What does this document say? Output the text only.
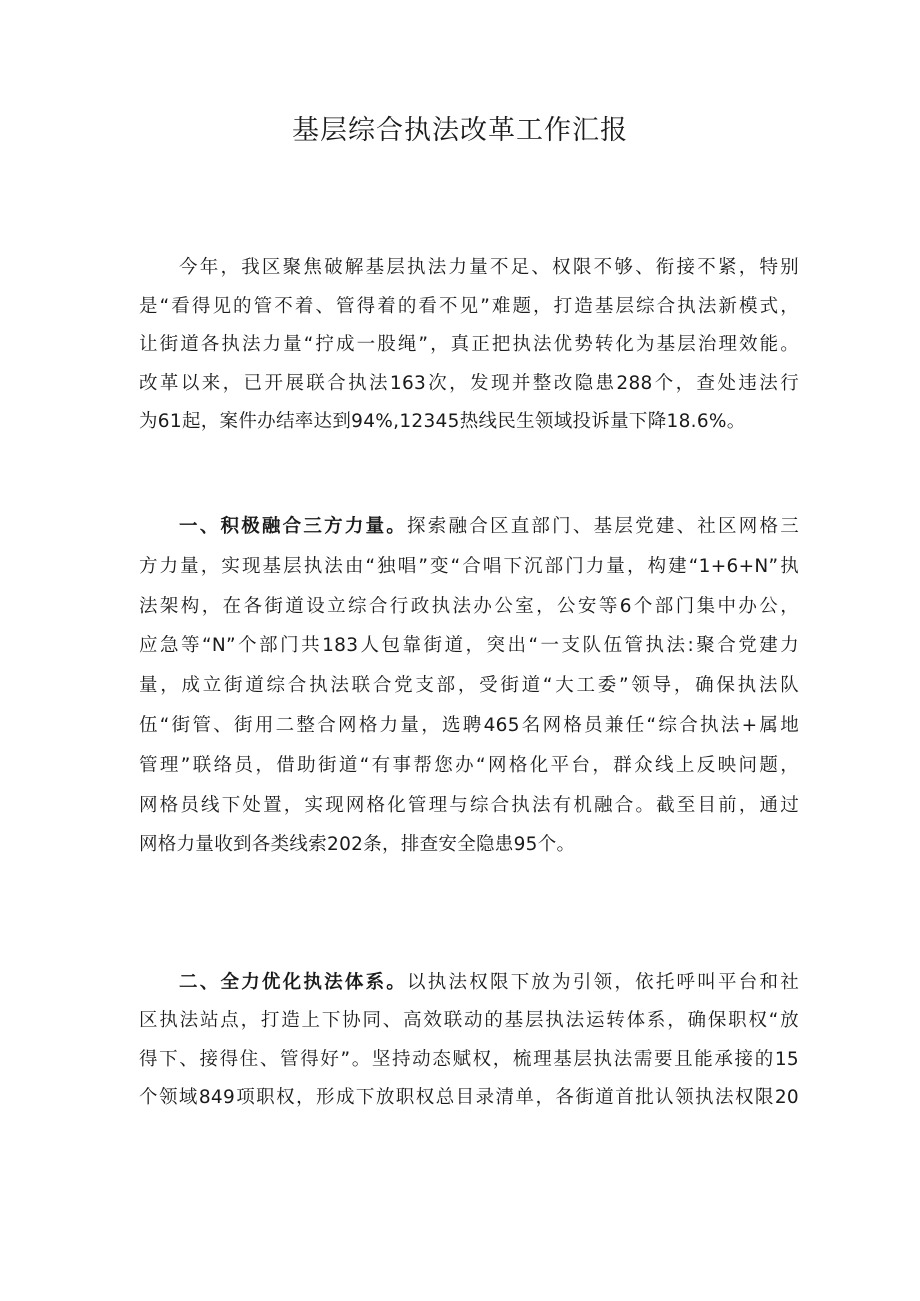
基层综合执法改革工作汇报
今年，我区聚焦破解基层执法力量不足、权限不够、衔接不紧，特别
是“看得见的管不着、管得着的看不见”难题，打造基层综合执法新模式，
让街道各执法力量“拧成一股绳”，真正把执法优势转化为基层治理效能。
改革以来，已开展联合执法163次，发现并整改隐患288个，查处违法行
为61起，案件办结率达到94%,12345热线民生领域投诉量下降18.6%。
一、积极融合三方力量。探索融合区直部门、基层党建、社区网格三
方力量，实现基层执法由“独唱”变“合唱下沉部门力量，构建“1+6+N”执
法架构，在各街道设立综合行政执法办公室，公安等6个部门集中办公，
应急等“N”个部门共183人包靠街道，突出“一支队伍管执法:聚合党建力
量，成立街道综合执法联合党支部，受街道“大工委”领导，确保执法队
伍“街管、街用二整合网格力量，选聘465名网格员兼任“综合执法+属地
管理”联络员，借助街道“有事帮您办“网格化平台，群众线上反映问题，
网格员线下处置，实现网格化管理与综合执法有机融合。截至目前，通过
网格力量收到各类线索202条，排查安全隐患95个。
二、全力优化执法体系。以执法权限下放为引领，依托呼叫平台和社
区执法站点，打造上下协同、高效联动的基层执法运转体系，确保职权“放
得下、接得住、管得好”。坚持动态赋权，梳理基层执法需要且能承接的15
个领域849项职权，形成下放职权总目录清单，各街道首批认领执法权限20
